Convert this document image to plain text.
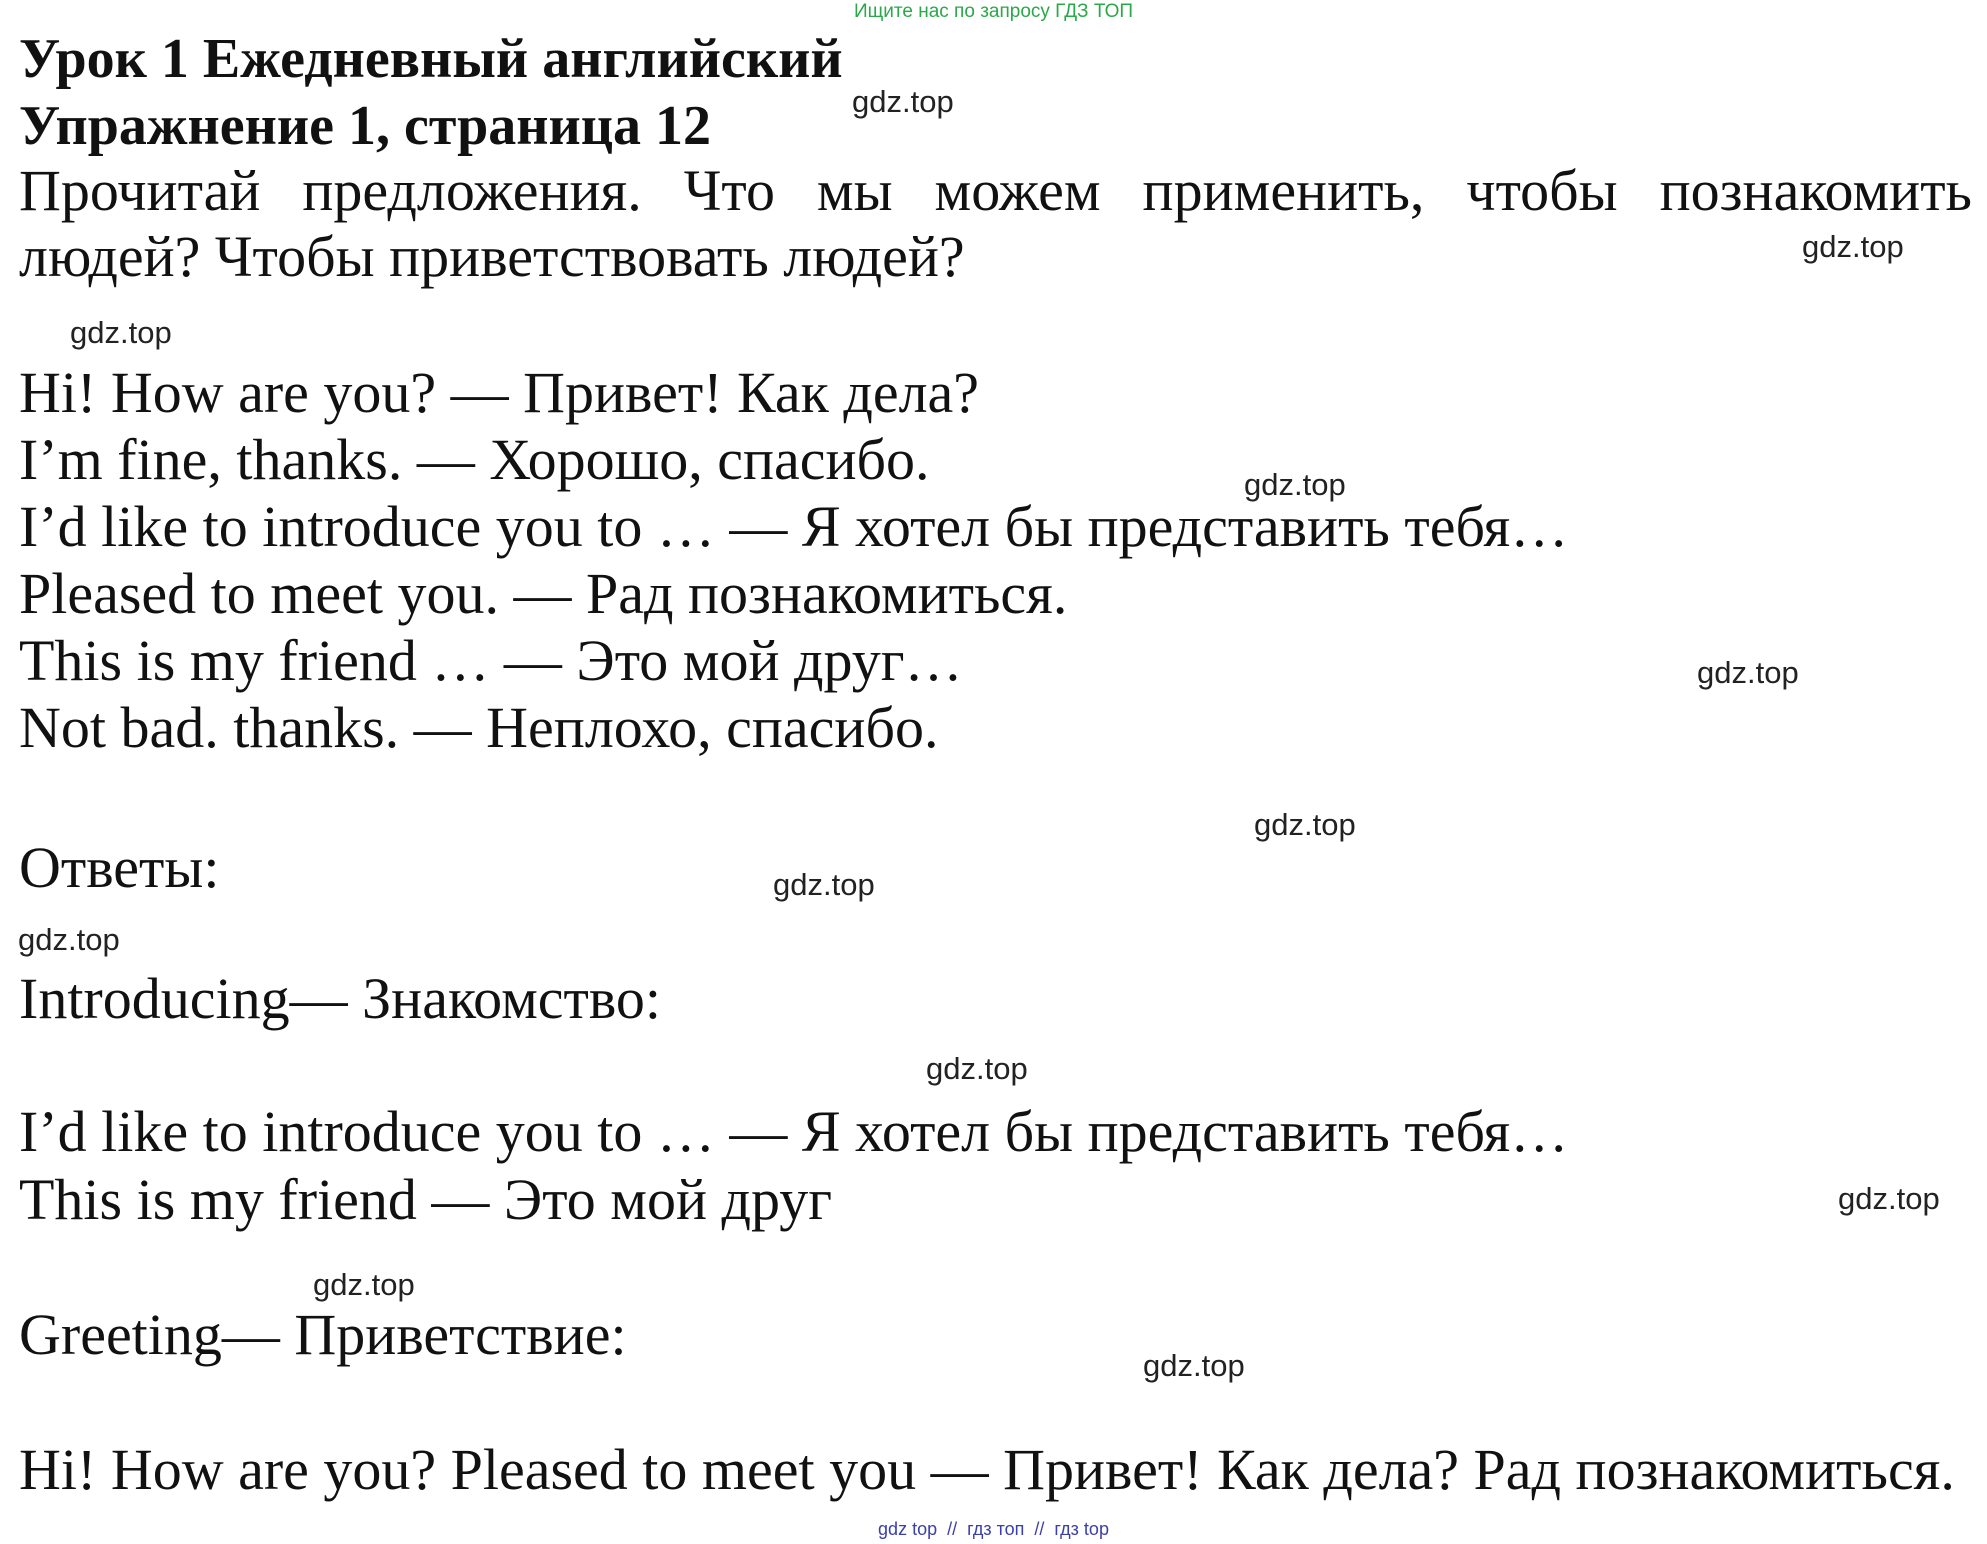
Ищите нас по запросу ГДЗ ТОП
Урок 1 Ежедневный английский
Упражнение 1, страница 12
Прочитай предложения. Что мы можем применить, чтобы познакомить
людей? Чтобы приветствовать людей?
Hi! How are you? — Привет! Как дела?
I’m fine, thanks. — Хорошо, спасибо.
I’d like to introduce you to … — Я хотел бы представить тебя…
Pleased to meet you. — Рад познакомиться.
This is my friend … — Это мой друг…
Not bad. thanks. — Неплохо, спасибо.
Ответы:
Introducing— Знакомство:
I’d like to introduce you to … — Я хотел бы представить тебя…
This is my friend — Это мой друг
Greeting— Приветствие:
Hi! How are you? Pleased to meet you — Привет! Как дела? Рад познакомиться.
gdz.top
gdz.top
gdz.top
gdz.top
gdz.top
gdz.top
gdz.top
gdz.top
gdz.top
gdz.top
gdz.top
gdz.top
gdz top  //  гдз топ  //  гдз top
